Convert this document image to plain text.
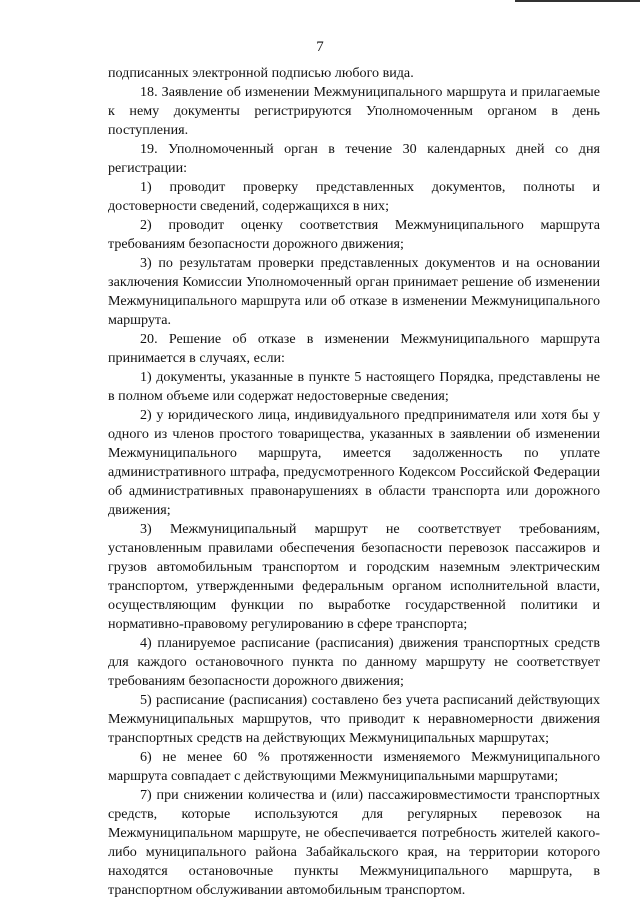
7

подписанных электронной подписью любого вида.

18. Заявление об изменении Межмуниципального маршрута и прилагаемые к нему документы регистрируются Уполномоченным органом в день поступления.

19. Уполномоченный орган в течение 30 календарных дней со дня регистрации:

1) проводит проверку представленных документов, полноты и достоверности сведений, содержащихся в них;

2) проводит оценку соответствия Межмуниципального маршрута требованиям безопасности дорожного движения;

3) по результатам проверки представленных документов и на основании заключения Комиссии Уполномоченный орган принимает решение об изменении Межмуниципального маршрута или об отказе в изменении Межмуниципального маршрута.

20. Решение об отказе в изменении Межмуниципального маршрута принимается в случаях, если:

1) документы, указанные в пункте 5 настоящего Порядка, представлены не в полном объеме или содержат недостоверные сведения;

2) у юридического лица, индивидуального предпринимателя или хотя бы у одного из членов простого товарищества, указанных в заявлении об изменении Межмуниципального маршрута, имеется задолженность по уплате административного штрафа, предусмотренного Кодексом Российской Федерации об административных правонарушениях в области транспорта или дорожного движения;

3) Межмуниципальный маршрут не соответствует требованиям, установленным правилами обеспечения безопасности перевозок пассажиров и грузов автомобильным транспортом и городским наземным электрическим транспортом, утвержденными федеральным органом исполнительной власти, осуществляющим функции по выработке государственной политики и нормативно-правовому регулированию в сфере транспорта;

4) планируемое расписание (расписания) движения транспортных средств для каждого остановочного пункта по данному маршруту не соответствует требованиям безопасности дорожного движения;

5) расписание (расписания) составлено без учета расписаний действующих Межмуниципальных маршрутов, что приводит к неравномерности движения транспортных средств на действующих Межмуниципальных маршрутах;

6) не менее 60 % протяженности изменяемого Межмуниципального маршрута совпадает с действующими Межмуниципальными маршрутами;

7) при снижении количества и (или) пассажировместимости транспортных средств, которые используются для регулярных перевозок на Межмуниципальном маршруте, не обеспечивается потребность жителей какого-либо муниципального района Забайкальского края, на территории которого находятся остановочные пункты Межмуниципального маршрута, в транспортном обслуживании автомобильным транспортом.
